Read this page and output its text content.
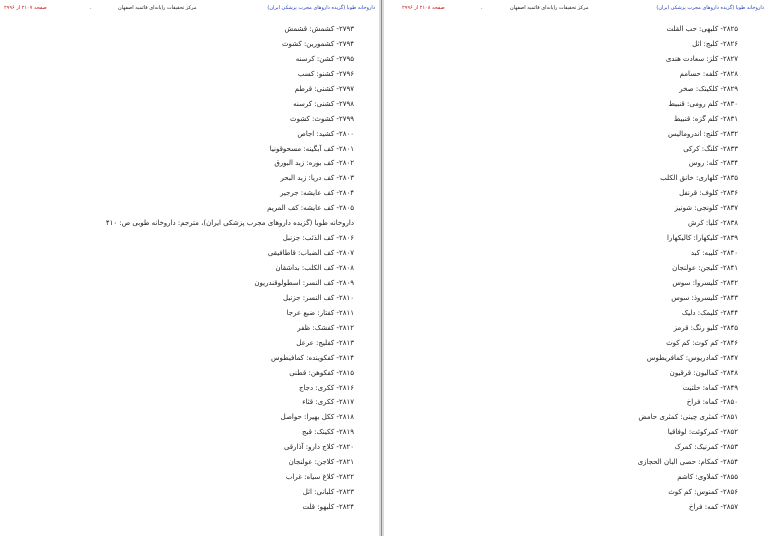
صفحه ۲۱۰۷ از ۲۹۹۶	.	مرکز تحقیقات رایانه‌ای قائمیه اصفهان	داروخانه طوبا (گزیده داروهای مجرب پزشکی ایران)
۲۷۹۳- کشمش: قشمش
۲۷۹۴- کشمورین: کشوث
۲۷۹۵- کشن: کرسنه
۲۷۹۶- کشنو: کسب
۲۷۹۷- کشنی: قرطم
۲۷۹۸- کشنی: کرسنه
۲۷۹۹- کشوث: کشوث
۲۸۰۰- کشید: اجاص
۲۸۰۱- کف آبگینه: مسحوقونیا
۲۸۰۲- کف بوره: زبد البورق
۲۸۰۳- کف دریا: زبد البحر
۲۸۰۴- کف عایشه: جرجیر
۲۸۰۵- کف عایشه: کف المریم
داروخانه طوبا (گزیده داروهای مجرب پزشکی ایران)، مترجم: داروخانه طوبی ص: ۴۱۰
۲۸۰۶- کف الذئب: جزنبل
۲۸۰۷- کف الضباب: قاطافیقی
۲۸۰۸- کف الکلب: بداشقان
۲۸۰۹- کف النسر: اسطولوقندریون
۲۸۱۰- کف النسر: جزنبل
۲۸۱۱- کفتار: ضبع عرجا
۲۸۱۲- کفشک: ظفر
۲۸۱۳- کفلیج: عرعل
۲۸۱۴- کفکوینده: کمافیطوس
۲۸۱۵- کفکوهن: قطنی
۲۸۱۶- ککری: دجاج
۲۸۱۷- ککری: قثاء
۲۸۱۸- ککل بهیرا: حواصل
۲۸۱۹- ککینک: قبج
۲۸۲۰- کلاج دارو: آذارقی
۲۸۲۱- کلاجن: عولنجان
۲۸۲۲- کلاغ سیاه: غراب
۲۸۲۳- کلبانی: اثل
۲۸۲۴- کلبهو: قلت
صفحه ۲۱۰۸ از ۲۹۹۶	.	مرکز تحقیقات رایانه‌ای قائمیه اصفهان	داروخانه طوبا (گزیده داروهای مجرب پزشکی ایران)
۲۸۲۵- کلبهی: حب القلت
۲۸۲۶- کلبج: اثل
۲۸۲۷- کلز: سعادت هندی
۲۸۲۸- کلفه: حسامم
۲۸۲۹- کلکینک: صخر
۲۸۳۰- کلم رومی: قنبیط
۲۸۳۱- کلم گزه: قنبیط
۲۸۳۲- کلنج: اندرومالیس
۲۸۳۳- کلنگ: کرکی
۲۸۳۴- کله: روس
۲۸۳۵- کلهاری: خانق الکلب
۲۸۳۶- کلوف: قرنفل
۲۸۳۷- کلونجی: شونیز
۲۸۳۸- کلیا: کرش
۲۸۳۹- کلیکهارا: کالیکهارا
۲۸۴۰- کلیبه: کبد
۲۸۴۱- کلیجن: عولنجان
۲۸۴۲- کلیسروا: سوس
۲۸۴۳- کلیسروذ: سوس
۲۸۴۴- کلیمک: دلیک
۲۸۴۵- کلیو رنگ: قرمز
۲۸۴۶- کم کوث: کم کوث
۲۸۴۷- کمادریوس: کمافریطوس
۲۸۴۸- کمالیون: قرقیون
۲۸۴۹- کماه: حلتیت
۲۸۵۰- کماه: فراخ
۲۸۵۱- کمثری چینی: کمثری حامض
۲۸۵۲- کمرکوئت: لوفاقیا
۲۸۵۳- کمرنیک: کمرک
۲۸۵۴- کمکام: حصی البان الحجازی
۲۸۵۵- کملاوی: کاشم
۲۸۵۶- کمنوس: کم کوث
۲۸۵۷- کمه: فراخ
